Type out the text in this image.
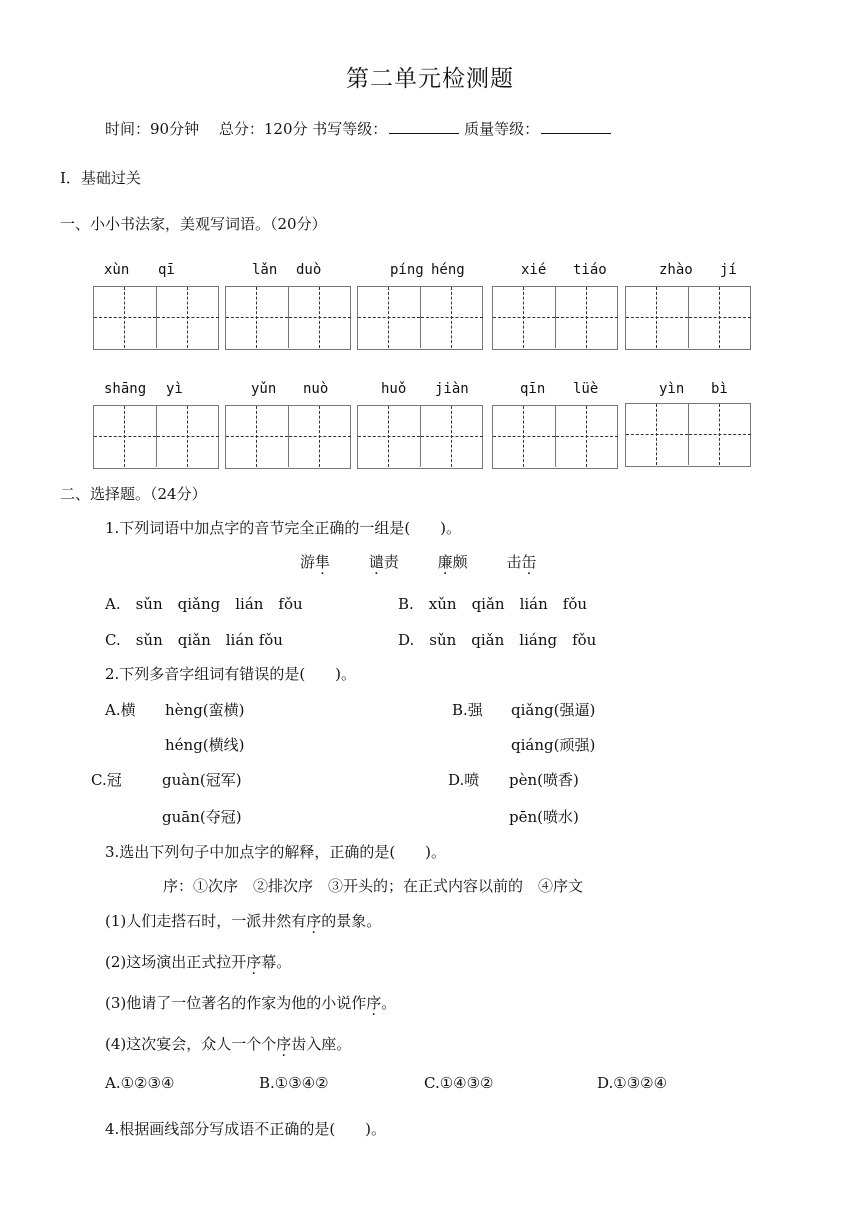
第二单元检测题
时间：90分钟　 总分：120分 书写等级：	质量等级：
I．基础过关
一、小小书法家，美观写词语。（20分）
xùn qī	lǎn duò	píng héng	xié tiáo	zhào jí
shāng yì	yǔn nuò	huǒ jiàn	qīn lüè	yìn bì
二、选择题。（24分）
1.下列词语中加点字的音节完全正确的一组是( )。
游隼	谴责	廉颇	击缶
A.　sǔn　qiǎng　lián　fǒu	B.　xǔn　qiǎn　lián　fǒu
C.　sǔn　qiǎn　lián fǒu	D.　sǔn　qiǎn　liáng　fǒu
2.下列多音字组词有错误的是( )。
A.横 hèng(蛮横)
héng(横线)
B.强 qiǎng(强逼)
qiáng(顽强)
C.冠	guàn(冠军)
guān(夺冠)
D.喷 pèn(喷香)
pēn(喷水)
3.选出下列句子中加点字的解释，正确的是( )。
序：①次序　②排次序　③开头的；在正式内容以前的　④序文
(1)人们走搭石时，一派井然有序的景象。
(2)这场演出正式拉开序幕。
(3)他请了一位著名的作家为他的小说作序。
(4)这次宴会，众人一个个序齿入座。
A.①②③④	B.①③④②	C.①④③②	D.①③②④
4.根据画线部分写成语不正确的是( )。
